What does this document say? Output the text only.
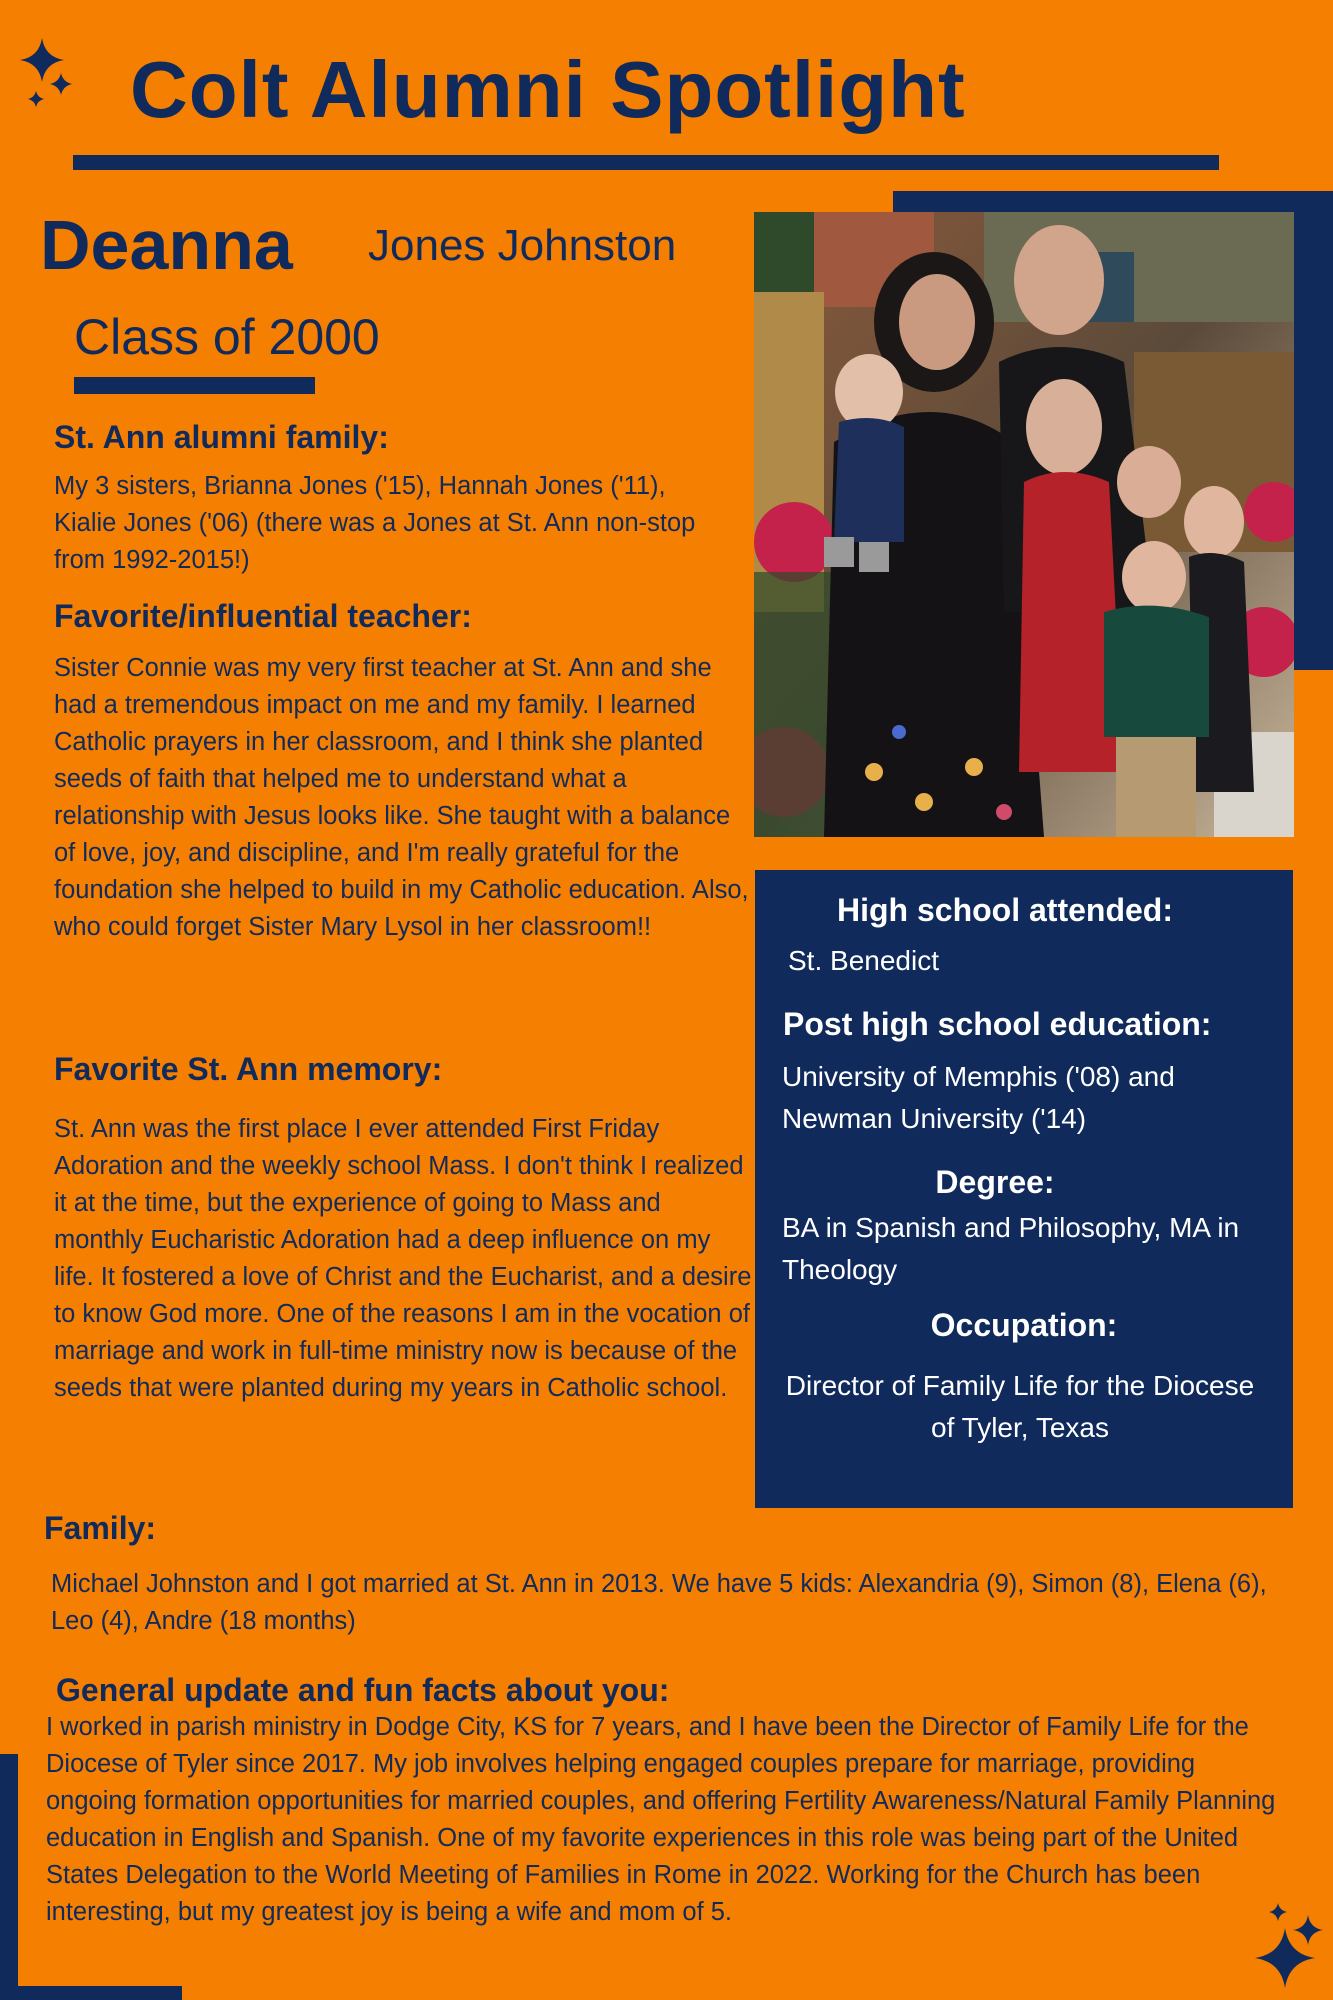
Colt Alumni Spotlight
Deanna Jones Johnston
Class of 2000
St. Ann alumni family:
My 3 sisters, Brianna Jones ('15), Hannah Jones ('11), Kialie Jones ('06) (there was a Jones at St. Ann non-stop from 1992-2015!)
Favorite/influential teacher:
Sister Connie was my very first teacher at St. Ann and she had a tremendous impact on me and my family. I learned Catholic prayers in her classroom, and I think she planted seeds of faith that helped me to understand what a relationship with Jesus looks like. She taught with a balance of love, joy, and discipline, and I'm really grateful for the foundation she helped to build in my Catholic education. Also, who could forget Sister Mary Lysol in her classroom!!
Favorite St. Ann memory:
St. Ann was the first place I ever attended First Friday Adoration and the weekly school Mass. I don't think I realized it at the time, but the experience of going to Mass and monthly Eucharistic Adoration had a deep influence on my life. It fostered a love of Christ and the Eucharist, and a desire to know God more. One of the reasons I am in the vocation of marriage and work in full-time ministry now is because of the seeds that were planted during my years in Catholic school.
High school attended:
St. Benedict
Post high school education:
University of Memphis ('08) and Newman University ('14)
Degree:
BA in Spanish and Philosophy, MA in Theology
Occupation:
Director of Family Life for the Diocese of Tyler, Texas
Family:
Michael Johnston and I got married at St. Ann in 2013. We have 5 kids: Alexandria (9), Simon (8), Elena (6), Leo (4), Andre (18 months)
General update and fun facts about you:
I worked in parish ministry in Dodge City, KS for 7 years, and I have been the Director of Family Life for the Diocese of Tyler since 2017. My job involves helping engaged couples prepare for marriage, providing ongoing formation opportunities for married couples, and offering Fertility Awareness/Natural Family Planning education in English and Spanish. One of my favorite experiences in this role was being part of the United States Delegation to the World Meeting of Families in Rome in 2022. Working for the Church has been interesting, but my greatest joy is being a wife and mom of 5.
